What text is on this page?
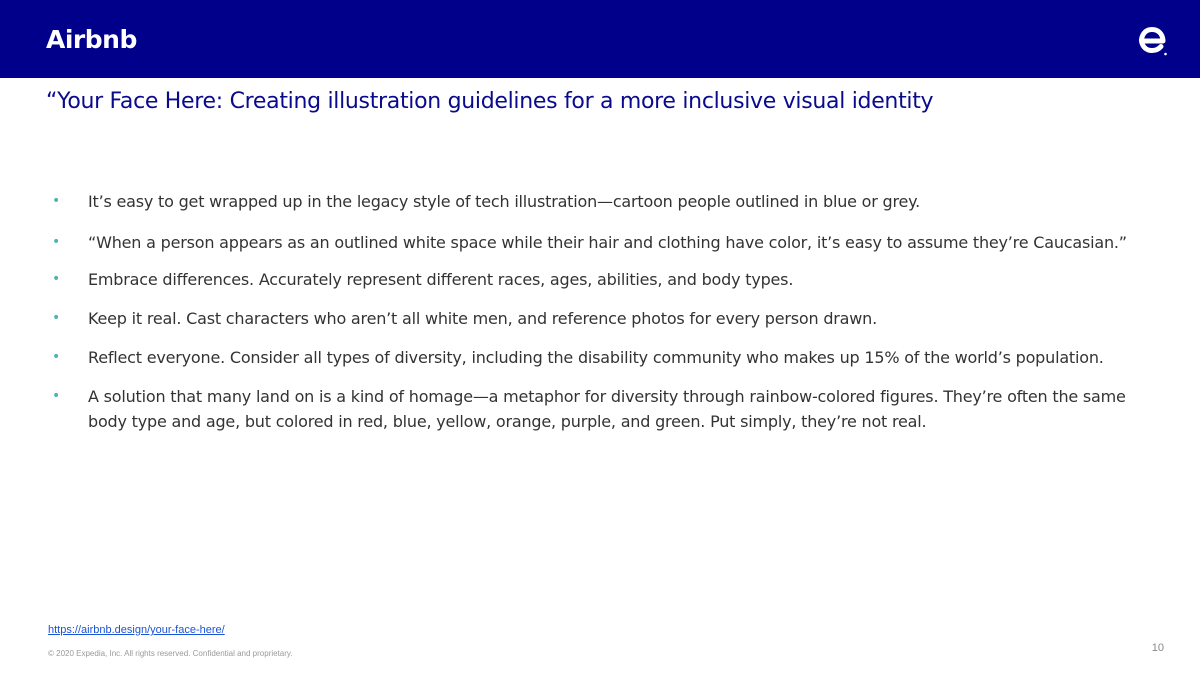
Airbnb
“Your Face Here: Creating illustration guidelines for a more inclusive visual identity
• It’s easy to get wrapped up in the legacy style of tech illustration—cartoon people outlined in blue or grey.
• “When a person appears as an outlined white space while their hair and clothing have color, it’s easy to assume they’re Caucasian.”
• Embrace differences. Accurately represent different races, ages, abilities, and body types.
• Keep it real. Cast characters who aren’t all white men, and reference photos for every person drawn.
• Reflect everyone. Consider all types of diversity, including the disability community who makes up 15% of the world’s population.
• A solution that many land on is a kind of homage—a metaphor for diversity through rainbow-colored figures. They’re often the same body type and age, but colored in red, blue, yellow, orange, purple, and green. Put simply, they’re not real.
https://airbnb.design/your-face-here/
© 2020 Expedia, Inc. All rights reserved. Confidential and proprietary.	10
